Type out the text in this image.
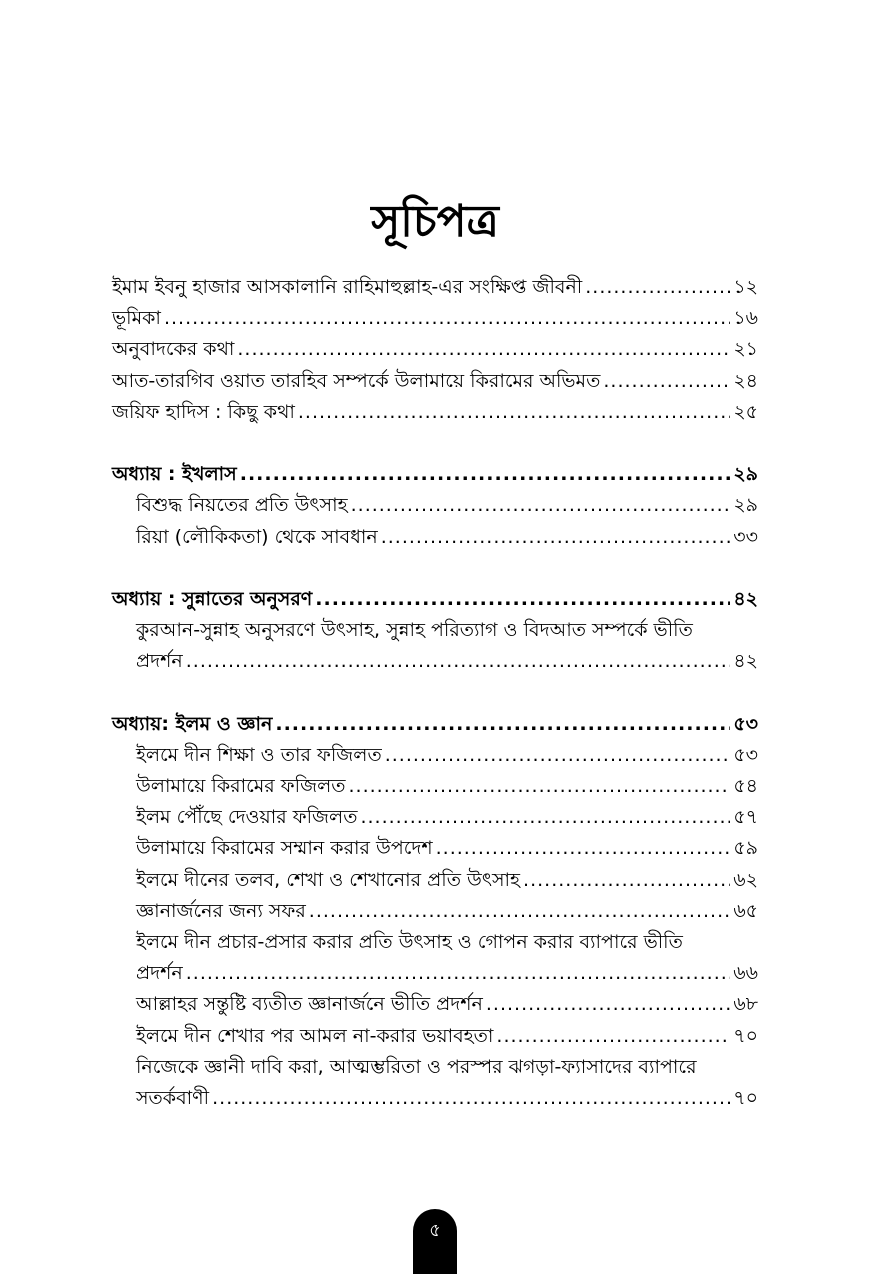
সূচিপত্র
ইমাম ইবনু হাজার আসকালানি রাহিমাহুল্লাহ-এর সংক্ষিপ্ত জীবনী .....	১২
ভূমিকা .....	১৬
অনুবাদকের কথা .....	২১
আত-তারগিব ওয়াত তারহিব সম্পর্কে উলামায়ে কিরামের অভিমত .....	২৪
জয়িফ হাদিস : কিছু কথা .....	২৫
অধ্যায় : ইখলাস .....	২৯
বিশুদ্ধ নিয়তের প্রতি উৎসাহ .....	২৯
রিয়া (লৌকিকতা) থেকে সাবধান .....	৩৩
অধ্যায় : সুন্নাতের অনুসরণ .....	৪২
কুরআন-সুন্নাহ অনুসরণে উৎসাহ, সুন্নাহ পরিত্যাগ ও বিদআত সম্পর্কে ভীতি
প্রদর্শন .....	৪২
অধ্যায়: ইলম ও জ্ঞান .....	৫৩
ইলমে দীন শিক্ষা ও তার ফজিলত .....	৫৩
উলামায়ে কিরামের ফজিলত .....	৫৪
ইলম পৌঁছে দেওয়ার ফজিলত .....	৫৭
উলামায়ে কিরামের সম্মান করার উপদেশ .....	৫৯
ইলমে দীনের তলব, শেখা ও শেখানোর প্রতি উৎসাহ .....	৬২
জ্ঞানার্জনের জন্য সফর .....	৬৫
ইলমে দীন প্রচার-প্রসার করার প্রতি উৎসাহ ও গোপন করার ব্যাপারে ভীতি
প্রদর্শন .....	৬৬
আল্লাহর সন্তুষ্টি ব্যতীত জ্ঞানার্জনে ভীতি প্রদর্শন .....	৬৮
ইলমে দীন শেখার পর আমল না-করার ভয়াবহতা .....	৭০
নিজেকে জ্ঞানী দাবি করা, আত্মম্ভরিতা ও পরস্পর ঝগড়া-ফ্যাসাদের ব্যাপারে
সতর্কবাণী .....	৭০
৫
